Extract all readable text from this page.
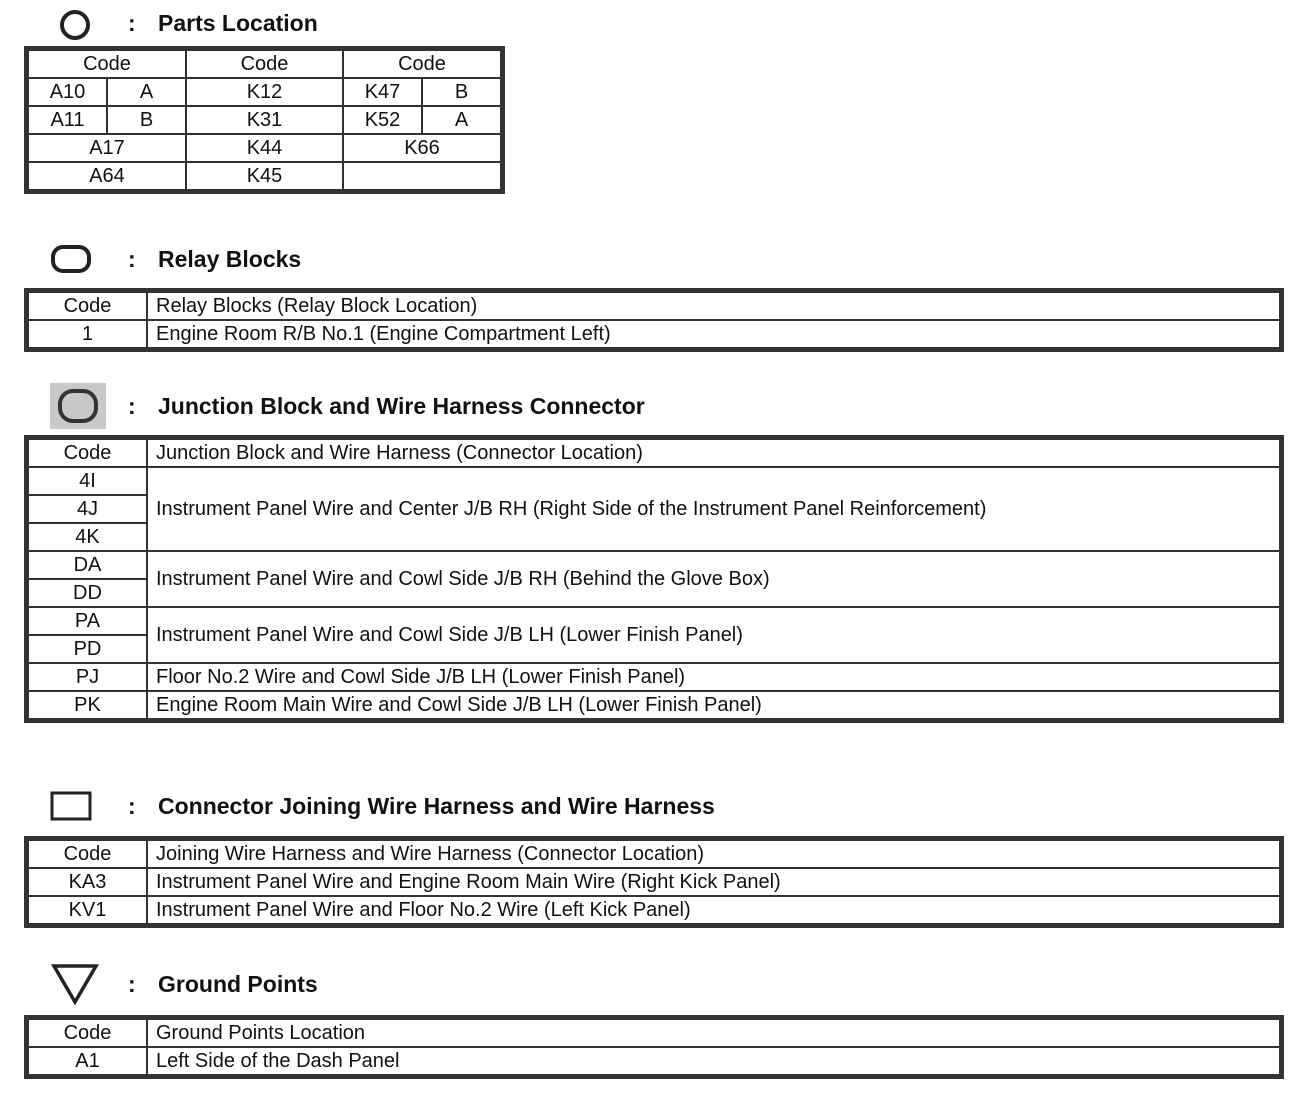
: Parts Location
Code		Code	Code	
A10	A	K12	K47	B
A11	B	K31	K52	A
A17		K44	K66	
A64		K45		
: Relay Blocks
Code	Relay Blocks (Relay Block Location)
1	Engine Room R/B No.1 (Engine Compartment Left)
: Junction Block and Wire Harness Connector
Code	Junction Block and Wire Harness (Connector Location)
4I	Instrument Panel Wire and Center J/B RH (Right Side of the Instrument Panel Reinforcement)
4J	
4K	
DA	Instrument Panel Wire and Cowl Side J/B RH (Behind the Glove Box)
DD	
PA	Instrument Panel Wire and Cowl Side J/B LH (Lower Finish Panel)
PD	
PJ	Floor No.2 Wire and Cowl Side J/B LH (Lower Finish Panel)
PK	Engine Room Main Wire and Cowl Side J/B LH (Lower Finish Panel)
: Connector Joining Wire Harness and Wire Harness
Code	Joining Wire Harness and Wire Harness (Connector Location)
KA3	Instrument Panel Wire and Engine Room Main Wire (Right Kick Panel)
KV1	Instrument Panel Wire and Floor No.2 Wire (Left Kick Panel)
: Ground Points
Code	Ground Points Location
A1	Left Side of the Dash Panel
